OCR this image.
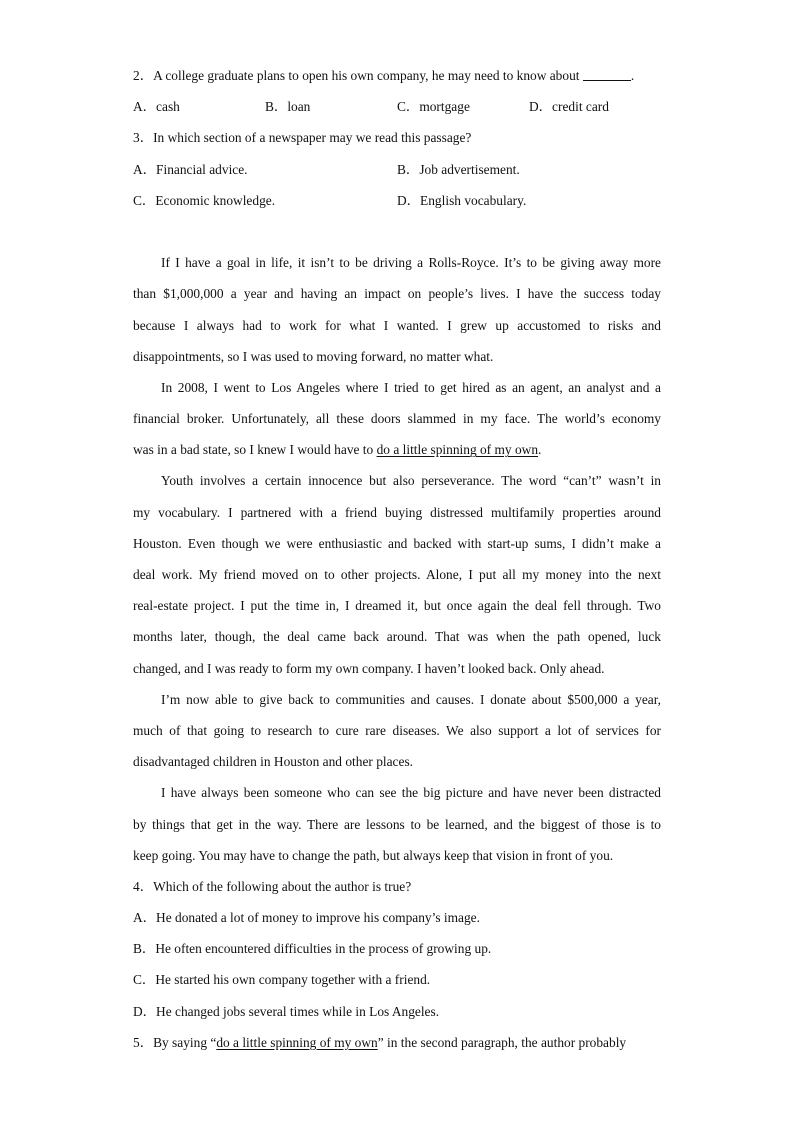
2．A college graduate plans to open his own company, he may need to know about	.
A．cash	B．loan	C．mortgage	D．credit card
3．In which section of a newspaper may we read this passage?
A．Financial advice.	B．Job advertisement.
C．Economic knowledge.	D．English vocabulary.
If I have a goal in life, it isn’t to be driving a Rolls-Royce. It’s to be giving away more
than $1,000,000 a year and having an impact on people’s lives. I have the success today
because I always had to work for what I wanted. I grew up accustomed to risks and
disappointments, so I was used to moving forward, no matter what.
In 2008, I went to Los Angeles where I tried to get hired as an agent, an analyst and a
financial broker. Unfortunately, all these doors slammed in my face. The world’s economy
was in a bad state, so I knew I would have to do a little spinning of my own.
Youth involves a certain innocence but also perseverance. The word “can’t” wasn’t in
my vocabulary. I partnered with a friend buying distressed multifamily properties around
Houston. Even though we were enthusiastic and backed with start-up sums, I didn’t make a
deal work. My friend moved on to other projects. Alone, I put all my money into the next
real-estate project. I put the time in, I dreamed it, but once again the deal fell through. Two
months later, though, the deal came back around. That was when the path opened, luck
changed, and I was ready to form my own company. I haven’t looked back. Only ahead.
I’m now able to give back to communities and causes. I donate about $500,000 a year,
much of that going to research to cure rare diseases. We also support a lot of services for
disadvantaged children in Houston and other places.
I have always been someone who can see the big picture and have never been distracted
by things that get in the way. There are lessons to be learned, and the biggest of those is to
keep going. You may have to change the path, but always keep that vision in front of you.
4．Which of the following about the author is true?
A．He donated a lot of money to improve his company’s image.
B．He often encountered difficulties in the process of growing up.
C．He started his own company together with a friend.
D．He changed jobs several times while in Los Angeles.
5．By saying “do a little spinning of my own” in the second paragraph, the author probably
